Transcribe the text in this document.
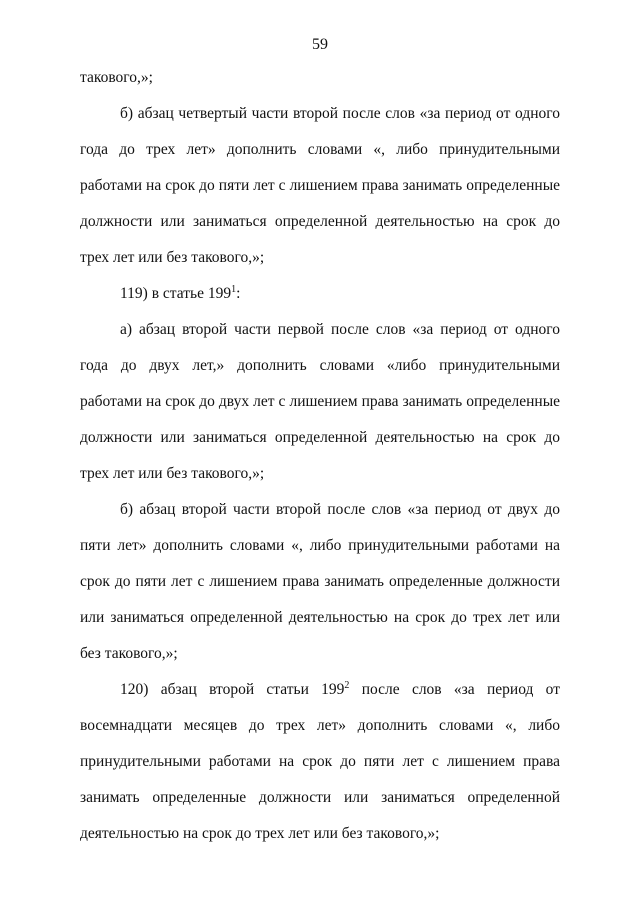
59

такового,»;

б) абзац четвертый части второй после слов «за период от одного года до трех лет» дополнить словами «, либо принудительными работами на срок до пяти лет с лишением права занимать определенные должности или заниматься определенной деятельностью на срок до трех лет или без такового,»;

119) в статье $199^1$:

а) абзац второй части первой после слов «за период от одного года до двух лет,» дополнить словами «либо принудительными работами на срок до двух лет с лишением права занимать определенные должности или заниматься определенной деятельностью на срок до трех лет или без такового,»;

б) абзац второй части второй после слов «за период от двух до пяти лет» дополнить словами «, либо принудительными работами на срок до пяти лет с лишением права занимать определенные должности или заниматься определенной деятельностью на срок до трех лет или без такового,»;

120) абзац второй статьи $199^2$ после слов «за период от восемнадцати месяцев до трех лет» дополнить словами «, либо принудительными работами на срок до пяти лет с лишением права занимать определенные должности или заниматься определенной деятельностью на срок до трех лет или без такового,»;
